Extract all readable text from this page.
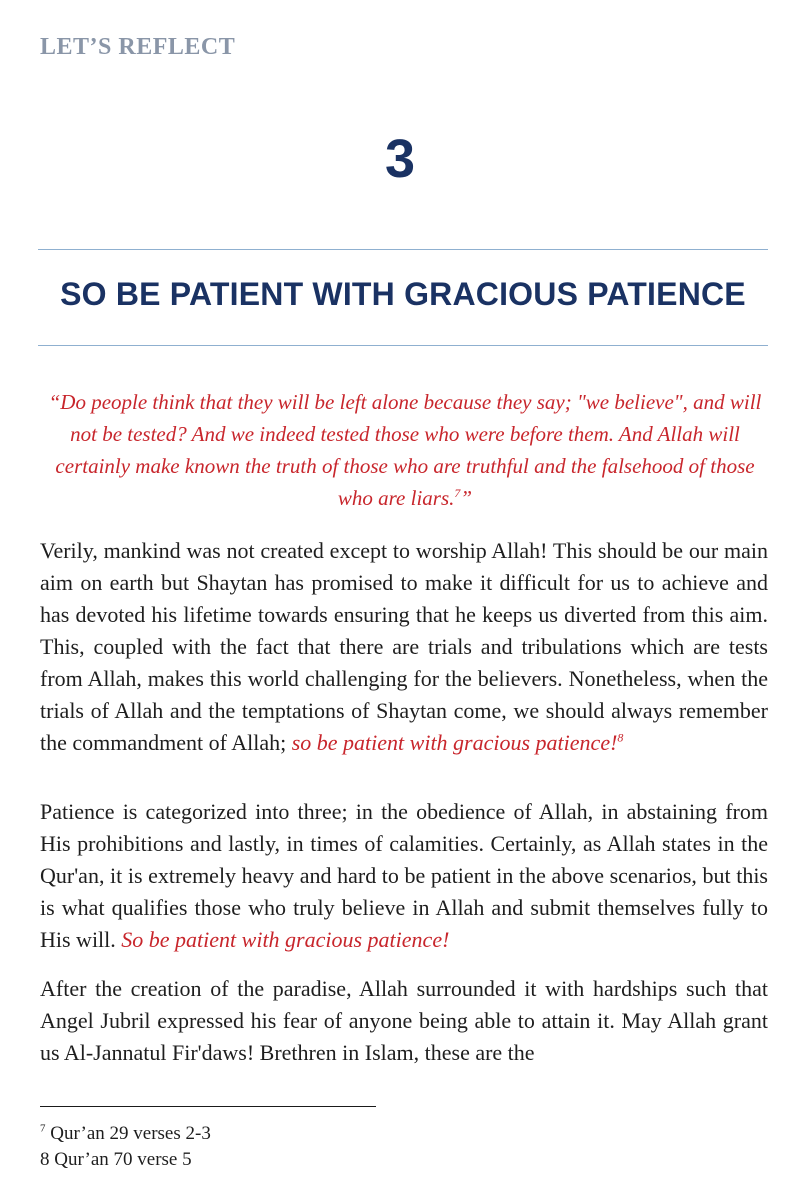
LET’S REFLECT
3
SO BE PATIENT WITH GRACIOUS PATIENCE
“Do people think that they will be left alone because they say; "we believe", and will not be tested? And we indeed tested those who were before them. And Allah will certainly make known the truth of those who are truthful and the falsehood of those who are liars.$^7$”
Verily, mankind was not created except to worship Allah! This should be our main aim on earth but Shaytan has promised to make it difficult for us to achieve and has devoted his lifetime towards ensuring that he keeps us diverted from this aim. This, coupled with the fact that there are trials and tribulations which are tests from Allah, makes this world challenging for the believers. Nonetheless, when the trials of Allah and the temptations of Shaytan come, we should always remember the commandment of Allah; so be patient with gracious patience!$^8$
Patience is categorized into three; in the obedience of Allah, in abstaining from His prohibitions and lastly, in times of calamities. Certainly, as Allah states in the Qur'an, it is extremely heavy and hard to be patient in the above scenarios, but this is what qualifies those who truly believe in Allah and submit themselves fully to His will. So be patient with gracious patience!
After the creation of the paradise, Allah surrounded it with hardships such that Angel Jubril expressed his fear of anyone being able to attain it. May Allah grant us Al-Jannatul Fir'daws! Brethren in Islam, these are the
$^7$ Qur’an 29 verses 2-3
8 Qur’an 70 verse 5
